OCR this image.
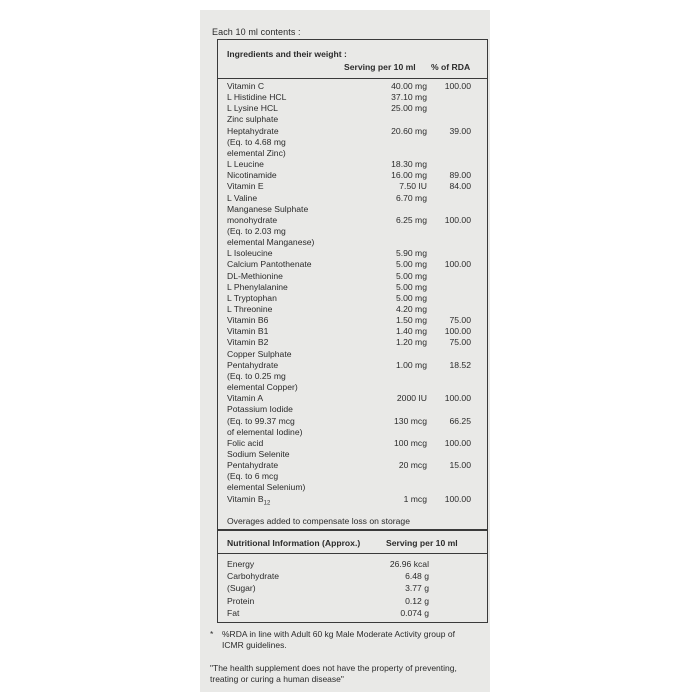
Each 10 ml contents :
Ingredients and their weight :
Serving per 10 ml % of RDA
Vitamin C	40.00 mg 100.00
L Histidine HCL	37.10 mg
L Lysine HCL	25.00 mg
Zinc sulphate
Heptahydrate	20.60 mg	39.00
(Eq. to 4.68 mg
elemental Zinc)
L Leucine	18.30 mg
Nicotinamide	16.00 mg	89.00
Vitamin E	7.50 IU	84.00
L Valine	6.70 mg
Manganese Sulphate
monohydrate	6.25 mg 100.00
(Eq. to 2.03 mg
elemental Manganese)
L Isoleucine	5.90 mg
Calcium Pantothenate	5.00 mg 100.00
DL-Methionine	5.00 mg
L Phenylalanine	5.00 mg
L Tryptophan	5.00 mg
L Threonine	4.20 mg
Vitamin B6	1.50 mg	75.00
Vitamin B1	1.40 mg 100.00
Vitamin B2	1.20 mg	75.00
Copper Sulphate
Pentahydrate	1.00 mg	18.52
(Eq. to 0.25 mg
elemental Copper)
Vitamin A	2000 IU 100.00
Potassium Iodide
(Eq. to 99.37 mcg	130 mcg	66.25
of elemental Iodine)
Folic acid	100 mcg 100.00
Sodium Selenite
Pentahydrate	20 mcg	15.00
(Eq. to 6 mcg
elemental Selenium)
Vitamin $B_{12}$	1 mcg 100.00
Overages added to compensate loss on storage
Nutritional Information (Approx.)	Serving per 10 ml
Energy	26.96 kcal
Carbohydrate	6.48 g
(Sugar)	3.77 g
Protein	0.12 g
Fat	0.074 g
* %RDA in line with Adult 60 kg Male Moderate Activity group of ICMR guidelines.
"The health supplement does not have the property of preventing, treating or curing a human disease"
